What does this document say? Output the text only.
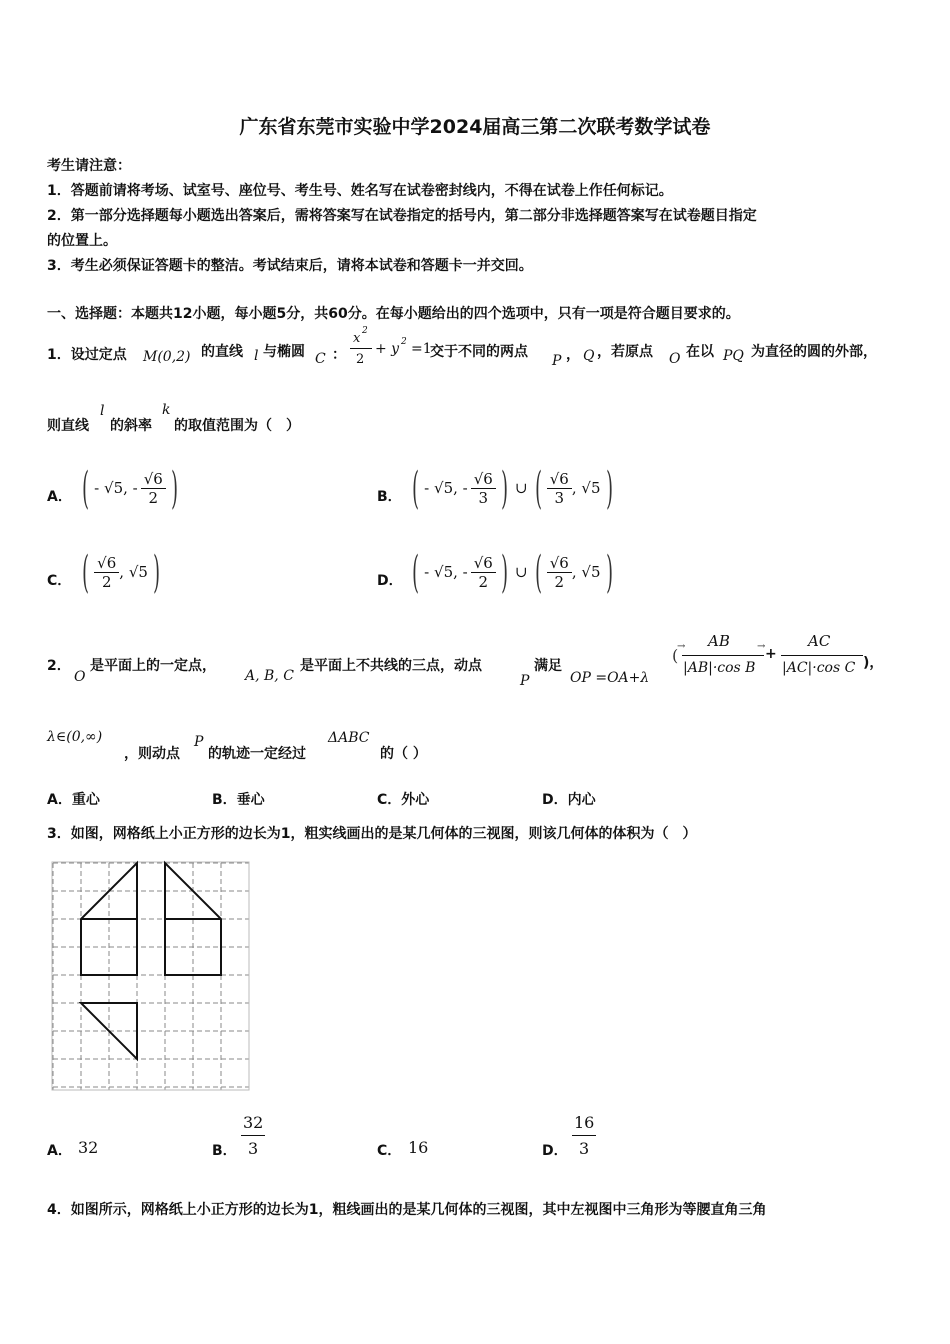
广东省东莞市实验中学2024届高三第二次联考数学试卷
考生请注意：
1．答题前请将考场、试室号、座位号、考生号、姓名写在试卷密封线内，不得在试卷上作任何标记。
2．第一部分选择题每小题选出答案后，需将答案写在试卷指定的括号内，第二部分非选择题答案写在试卷题目指定
的位置上。
3．考生必须保证答题卡的整洁。考试结束后，请将本试卷和答题卡一并交回。
一、选择题：本题共12小题，每小题5分，共60分。在每小题给出的四个选项中，只有一项是符合题目要求的。
1．设过定点 M(0,2) 的直线 l 与椭圆 C ：
x 2
2
+ y 2 =1
交于不同的两点
P ， Q ，若原点 O 在以 PQ 为直径的圆的外部，
则直线
l
的斜率
k
的取值范围为（　）
A． ( - √5, - $\frac{√6}{2}$ )	B． ( - √5, - $\frac{√6}{3}$ ) ∪ ( $\frac{√6}{3}$ , √5 )
C． ( $\frac{√6}{2}$ , √5 )	D． ( - √5, - $\frac{√6}{2}$ ) ∪ ( $\frac{√6}{2}$ , √5 )
2．
O
是平面上的一定点，
A, B, C
是平面上不共线的三点，动点
P
满足
OP =OA+λ
(
→ AB	→
|AB|·cos B
+
AC
|AC|·cos C )，
λ∈(0,∞)
，则动点
P
的轨迹一定经过
ΔABC
的（ ）
A．重心	B．垂心	C．外心	D．内心
3．如图，网格纸上小正方形的边长为1，粗实线画出的是某几何体的三视图，则该几何体的体积为（　）
A． 32	B．
32
3	C． 16	D．
16
3
4．如图所示，网格纸上小正方形的边长为1，粗线画出的是某几何体的三视图，其中左视图中三角形为等腰直角三角
